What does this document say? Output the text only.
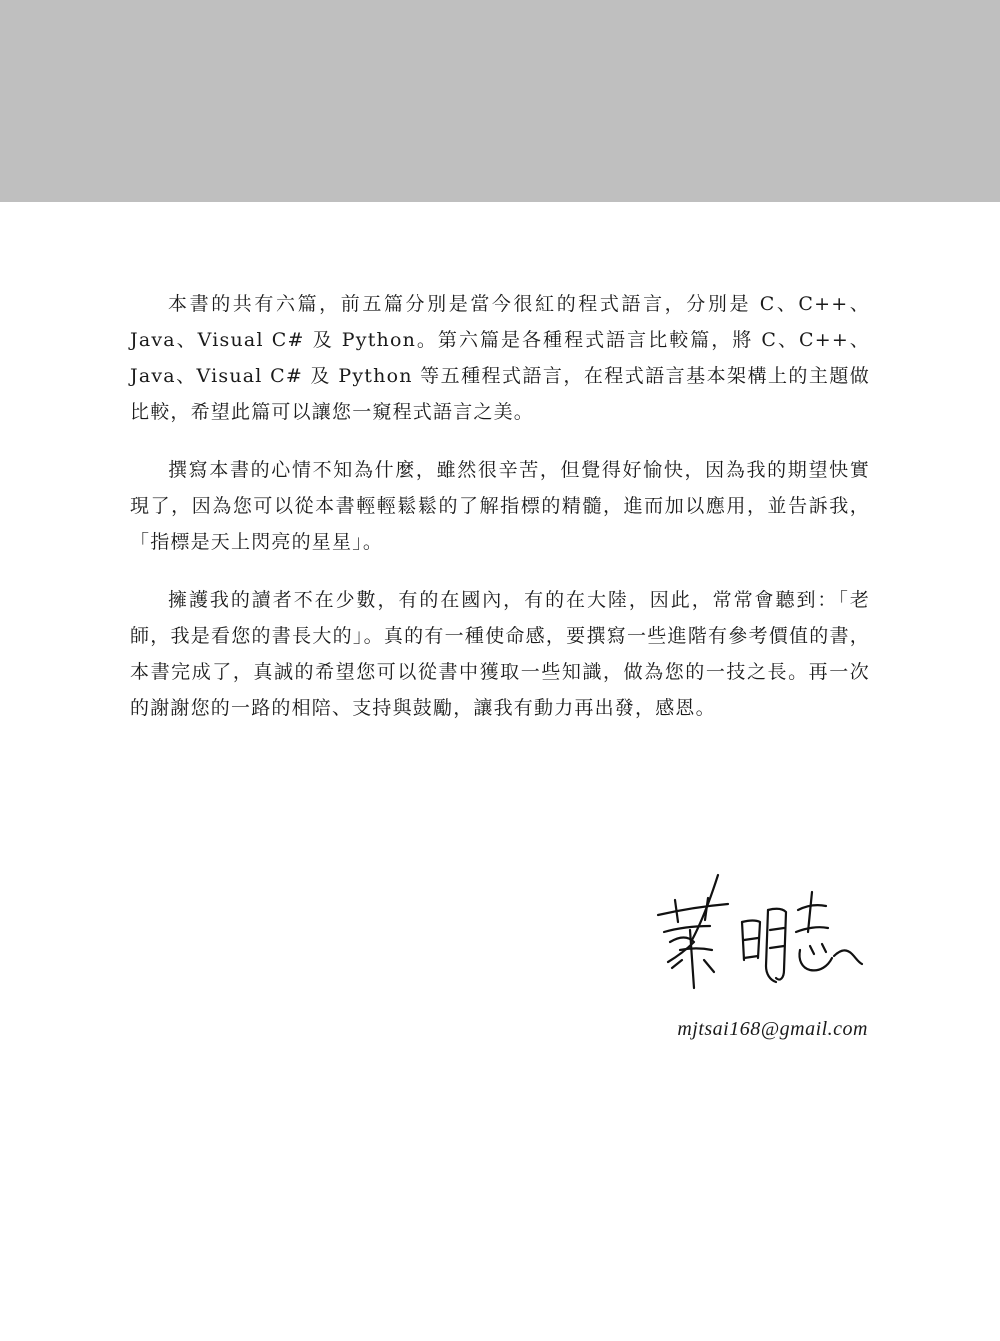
本書的共有六篇，前五篇分別是當今很紅的程式語言，分別是 C、C++、Java、Visual C# 及 Python。第六篇是各種程式語言比較篇，將 C、C++、Java、Visual C# 及 Python 等五種程式語言，在程式語言基本架構上的主題做比較，希望此篇可以讓您一窺程式語言之美。

撰寫本書的心情不知為什麼，雖然很辛苦，但覺得好愉快，因為我的期望快實現了，因為您可以從本書輕輕鬆鬆的了解指標的精髓，進而加以應用，並告訴我，「指標是天上閃亮的星星」。

擁護我的讀者不在少數，有的在國內，有的在大陸，因此，常常會聽到：「老師，我是看您的書長大的」。真的有一種使命感，要撰寫一些進階有參考價值的書，本書完成了，真誠的希望您可以從書中獲取一些知識，做為您的一技之長。再一次的謝謝您的一路的相陪、支持與鼓勵，讓我有動力再出發，感恩。

mjtsai168@gmail.com
